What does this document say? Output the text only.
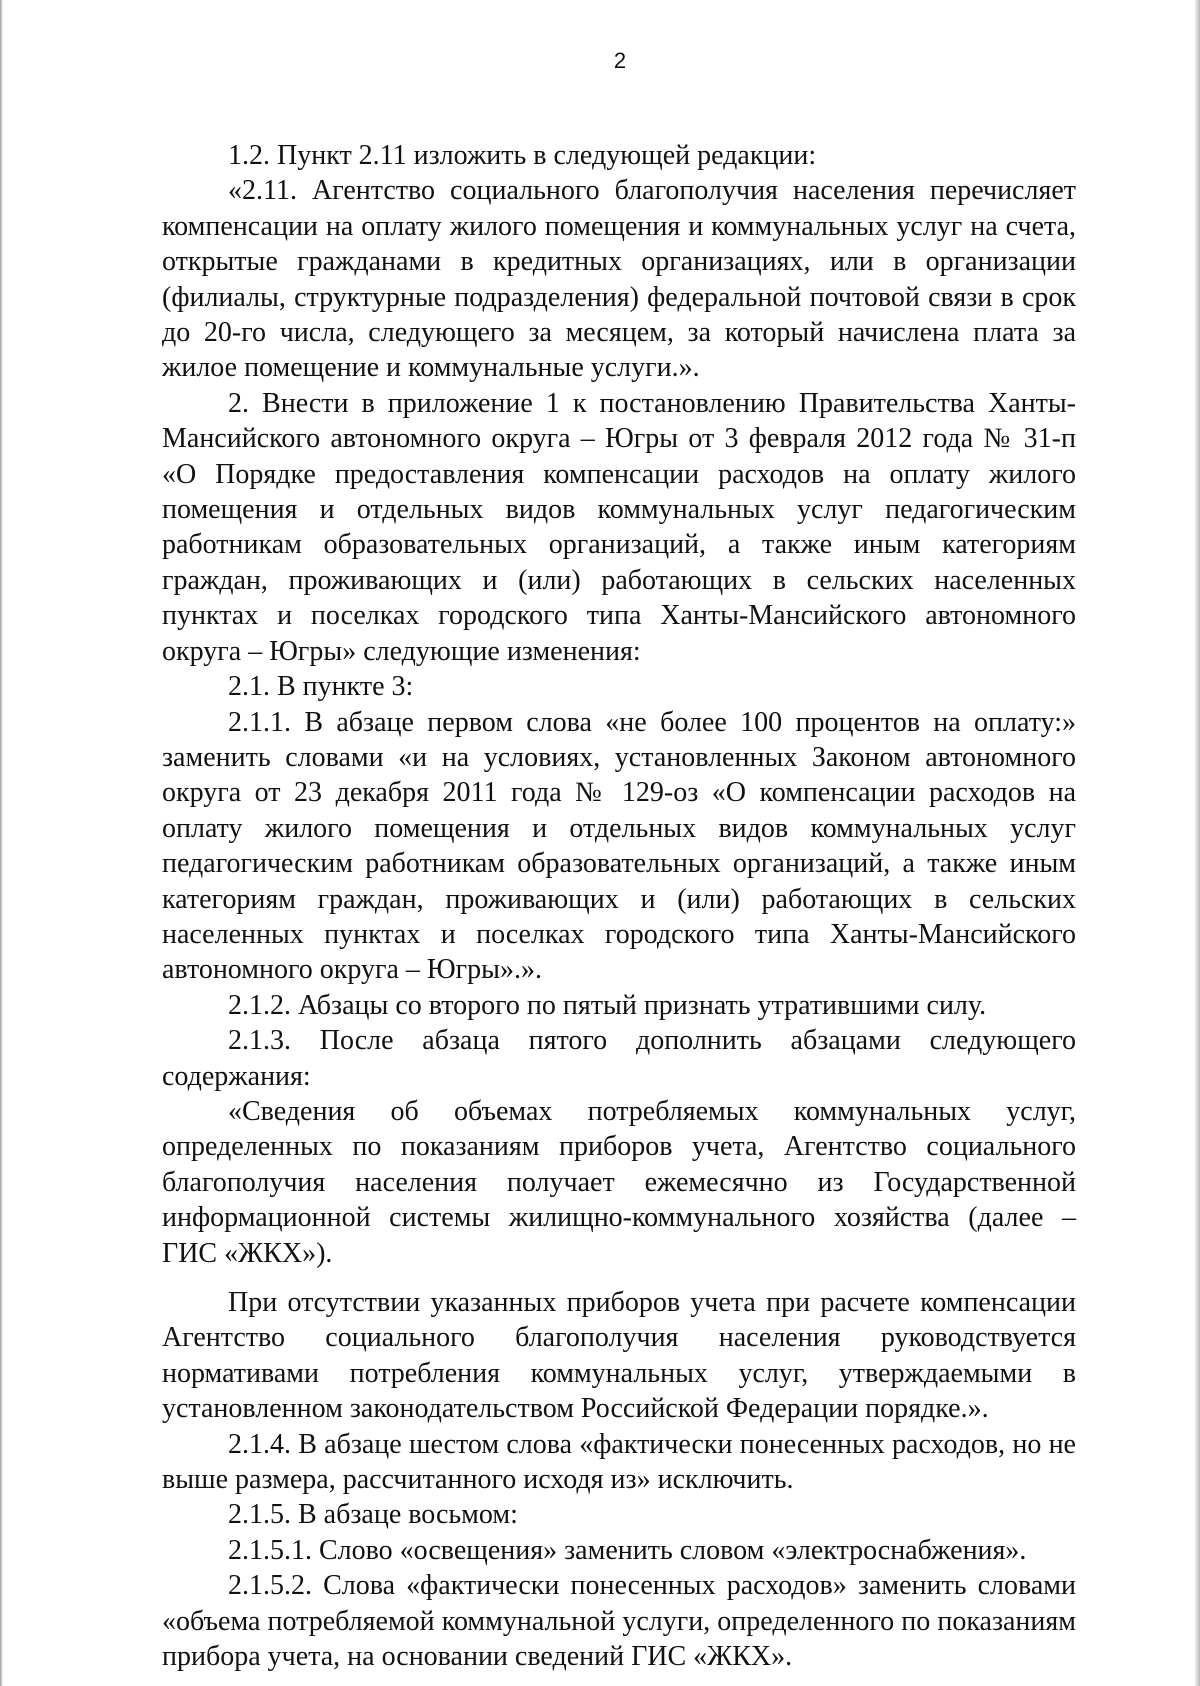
2

1.2. Пункт 2.11 изложить в следующей редакции:

«2.11. Агентство социального благополучия населения перечисляет компенсации на оплату жилого помещения и коммунальных услуг на счета, открытые гражданами в кредитных организациях, или в организации (филиалы, структурные подразделения) федеральной почтовой связи в срок до 20-го числа, следующего за месяцем, за который начислена плата за жилое помещение и коммунальные услуги.».

2. Внести в приложение 1 к постановлению Правительства Ханты-Мансийского автономного округа – Югры от 3 февраля 2012 года № 31-п «О Порядке предоставления компенсации расходов на оплату жилого помещения и отдельных видов коммунальных услуг педагогическим работникам образовательных организаций, а также иным категориям граждан, проживающих и (или) работающих в сельских населенных пунктах и поселках городского типа Ханты-Мансийского автономного округа – Югры» следующие изменения:

2.1. В пункте 3:

2.1.1. В абзаце первом слова «не более 100 процентов на оплату:» заменить словами «и на условиях, установленных Законом автономного округа от 23 декабря 2011 года № 129-оз «О компенсации расходов на оплату жилого помещения и отдельных видов коммунальных услуг педагогическим работникам образовательных организаций, а также иным категориям граждан, проживающих и (или) работающих в сельских населенных пунктах и поселках городского типа Ханты-Мансийского автономного округа – Югры».».

2.1.2. Абзацы со второго по пятый признать утратившими силу.

2.1.3. После абзаца пятого дополнить абзацами следующего содержания:

«Сведения об объемах потребляемых коммунальных услуг, определенных по показаниям приборов учета, Агентство социального благополучия населения получает ежемесячно из Государственной информационной системы жилищно-коммунального хозяйства (далее – ГИС «ЖКХ»).

При отсутствии указанных приборов учета при расчете компенсации Агентство социального благополучия населения руководствуется нормативами потребления коммунальных услуг, утверждаемыми в установленном законодательством Российской Федерации порядке.».

2.1.4. В абзаце шестом слова «фактически понесенных расходов, но не выше размера, рассчитанного исходя из» исключить.

2.1.5. В абзаце восьмом:

2.1.5.1. Слово «освещения» заменить словом «электроснабжения».

2.1.5.2. Слова «фактически понесенных расходов» заменить словами «объема потребляемой коммунальной услуги, определенного по показаниям прибора учета, на основании сведений ГИС «ЖКХ».
